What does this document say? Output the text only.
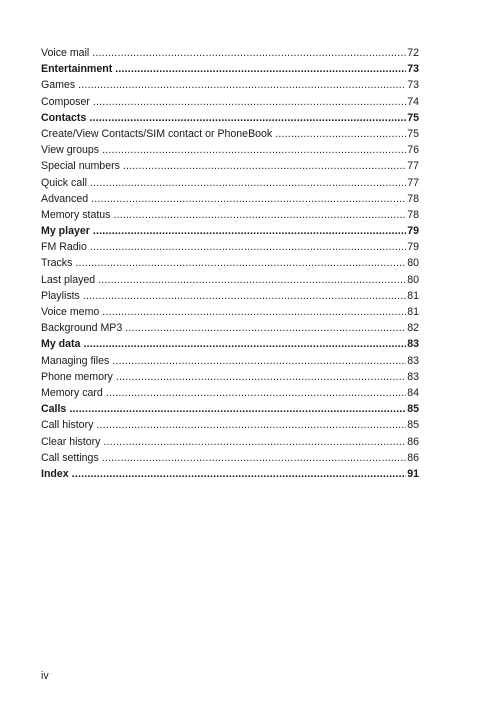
Voice mail .....	72
Entertainment .....	73
Games .....	73
Composer .....	74
Contacts .....	75
Create/View Contacts/SIM contact or PhoneBook .....	75
View groups .....	76
Special numbers .....	77
Quick call .....	77
Advanced .....	78
Memory status .....	78
My player .....	79
FM Radio .....	79
Tracks .....	80
Last played .....	80
Playlists .....	81
Voice memo .....	81
Background MP3 .....	82
My data .....	83
Managing files .....	83
Phone memory .....	83
Memory card .....	84
Calls .....	85
Call history .....	85
Clear history .....	86
Call settings .....	86
Index .....	91
iv
